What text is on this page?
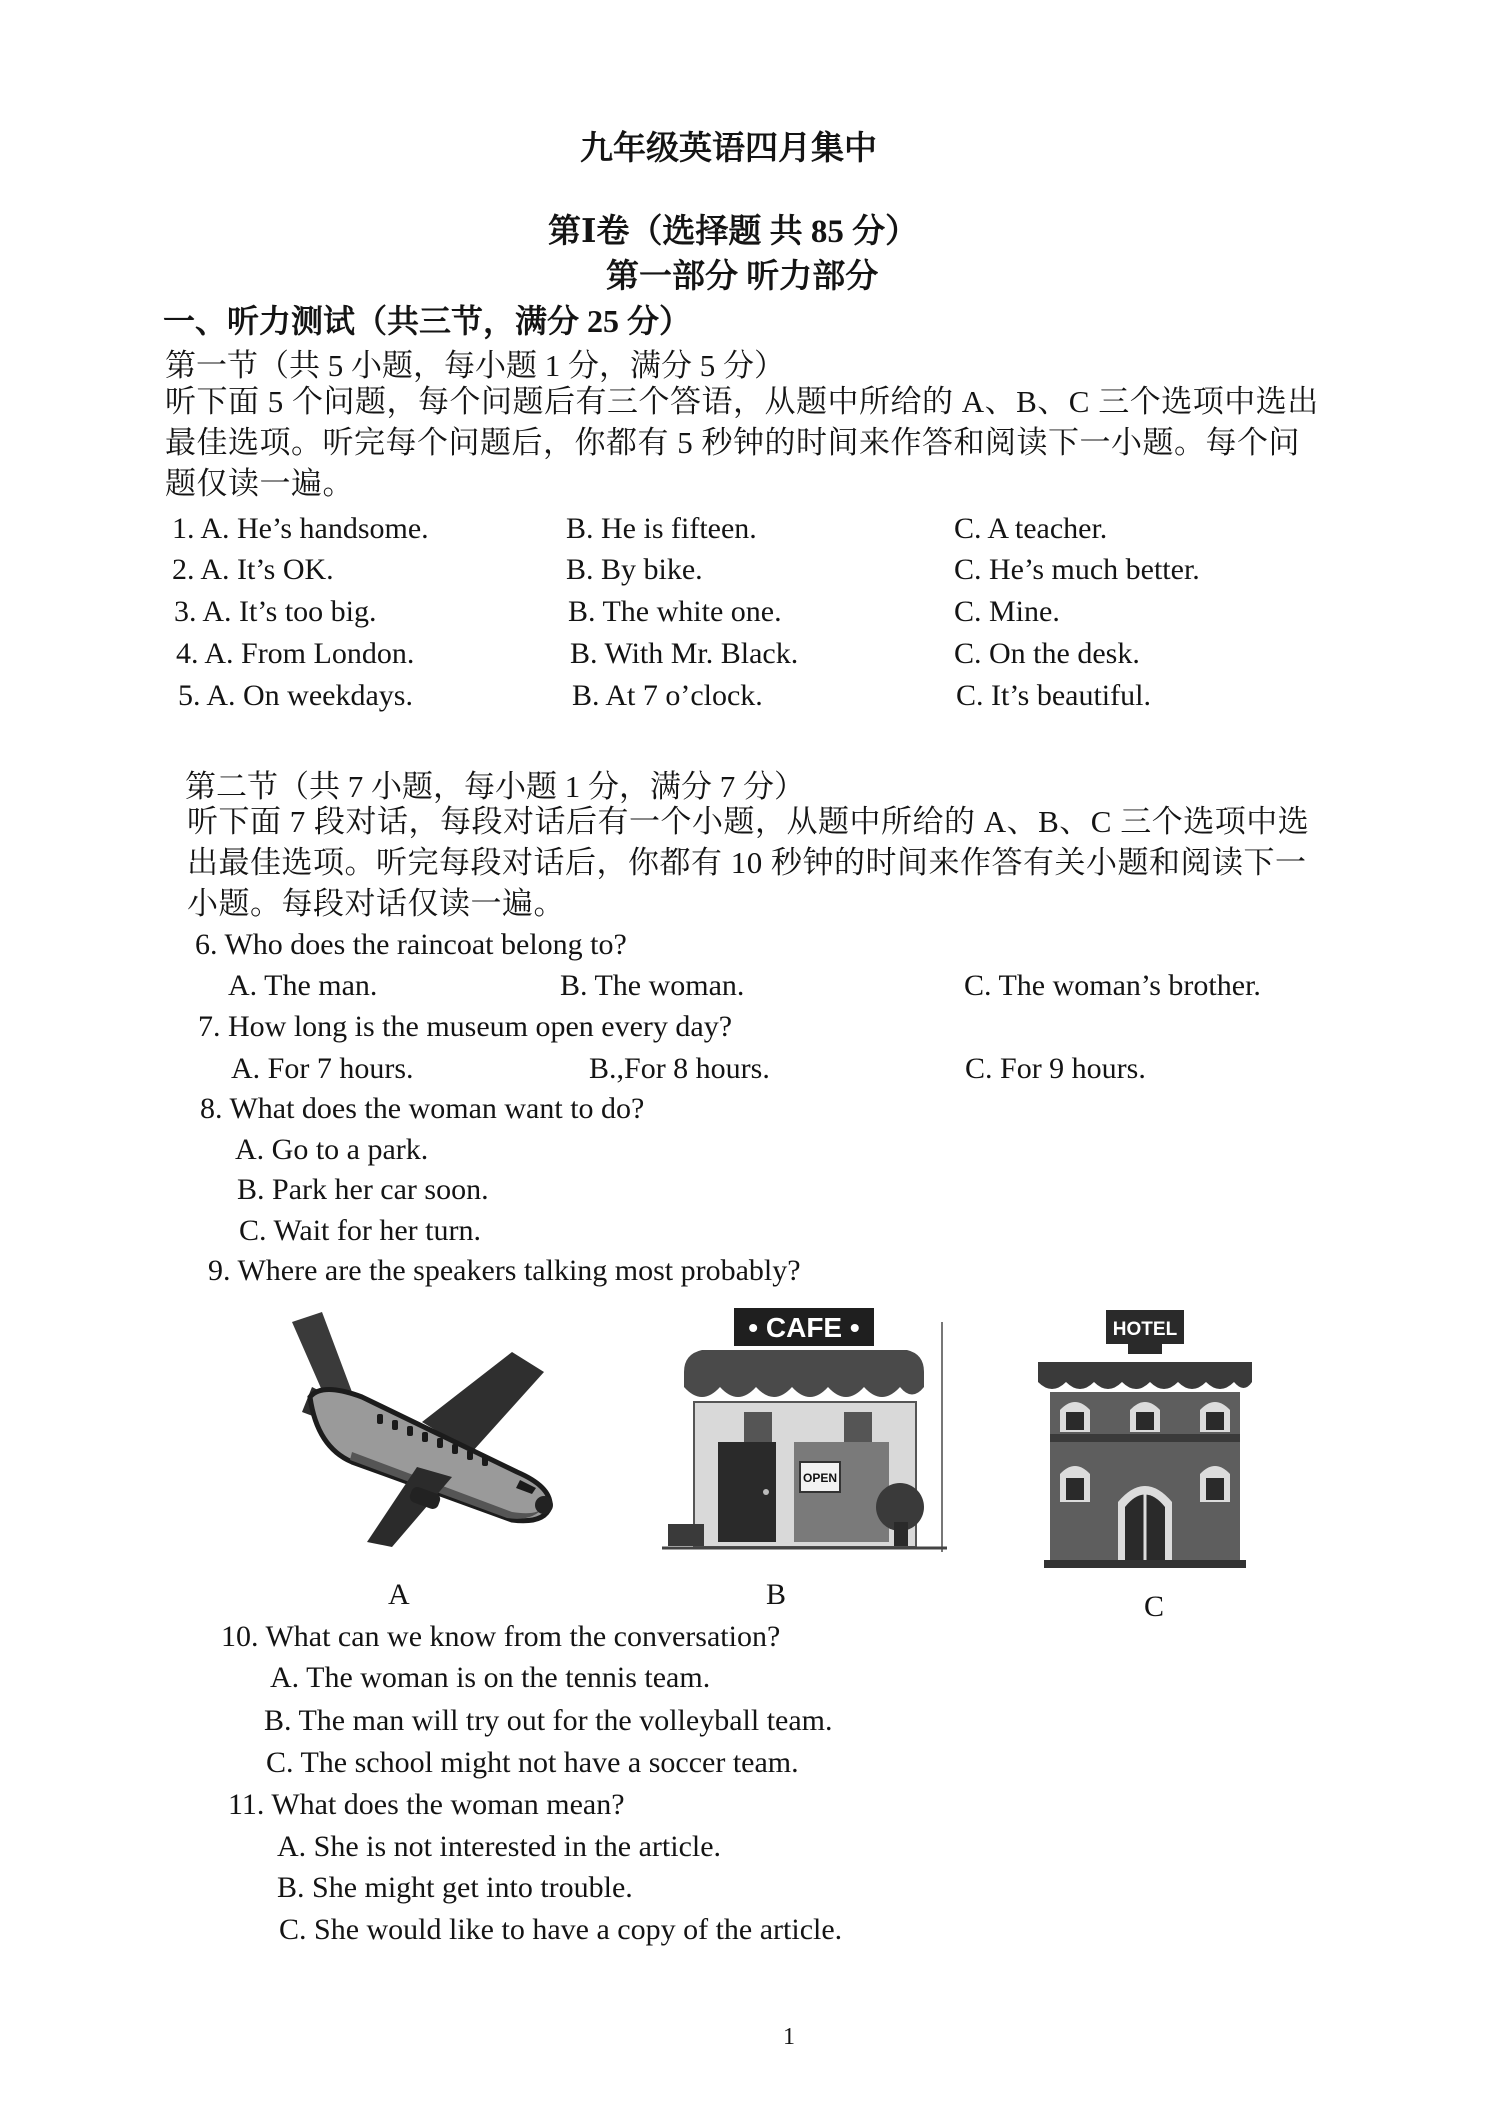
九年级英语四月集中
第Ⅰ卷（选择题 共 85 分）
第一部分 听力部分
一、听力测试（共三节，满分 25 分）
第一节（共 5 小题，每小题 1 分，满分 5 分）
听下面 5 个问题，每个问题后有三个答语，从题中所给的 A、B、C 三个选项中选出最佳选项。听完每个问题后，你都有 5 秒钟的时间来作答和阅读下一小题。每个问题仅读一遍。
1. A. He’s handsome.	B. He is fifteen.	C. A teacher.
2. A. It’s OK.	B. By bike.	C. He’s much better.
3. A. It’s too big.	B. The white one.	C. Mine.
4. A. From London.	B. With Mr. Black.	C. On the desk.
5. A. On weekdays.	B. At 7 o’clock.	C. It’s beautiful.
第二节（共 7 小题，每小题 1 分，满分 7 分）
听下面 7 段对话，每段对话后有一个小题，从题中所给的 A、B、C 三个选项中选出最佳选项。听完每段对话后，你都有 10 秒钟的时间来作答有关小题和阅读下一小题。每段对话仅读一遍。
6. Who does the raincoat belong to?
A. The man.	B. The woman.	C. The woman’s brother.
7. How long is the museum open every day?
A. For 7 hours.	B.,For 8 hours.	C. For 9 hours.
8. What does the woman want to do?
A. Go to a park.
B. Park her car soon.
C. Wait for her turn.
9. Where are the speakers talking most probably?
• CAFE •
OPEN
HOTEL
A	B	C
10. What can we know from the conversation?
A. The woman is on the tennis team.
B. The man will try out for the volleyball team.
C. The school might not have a soccer team.
11. What does the woman mean?
A. She is not interested in the article.
B. She might get into trouble.
C. She would like to have a copy of the article.
1
